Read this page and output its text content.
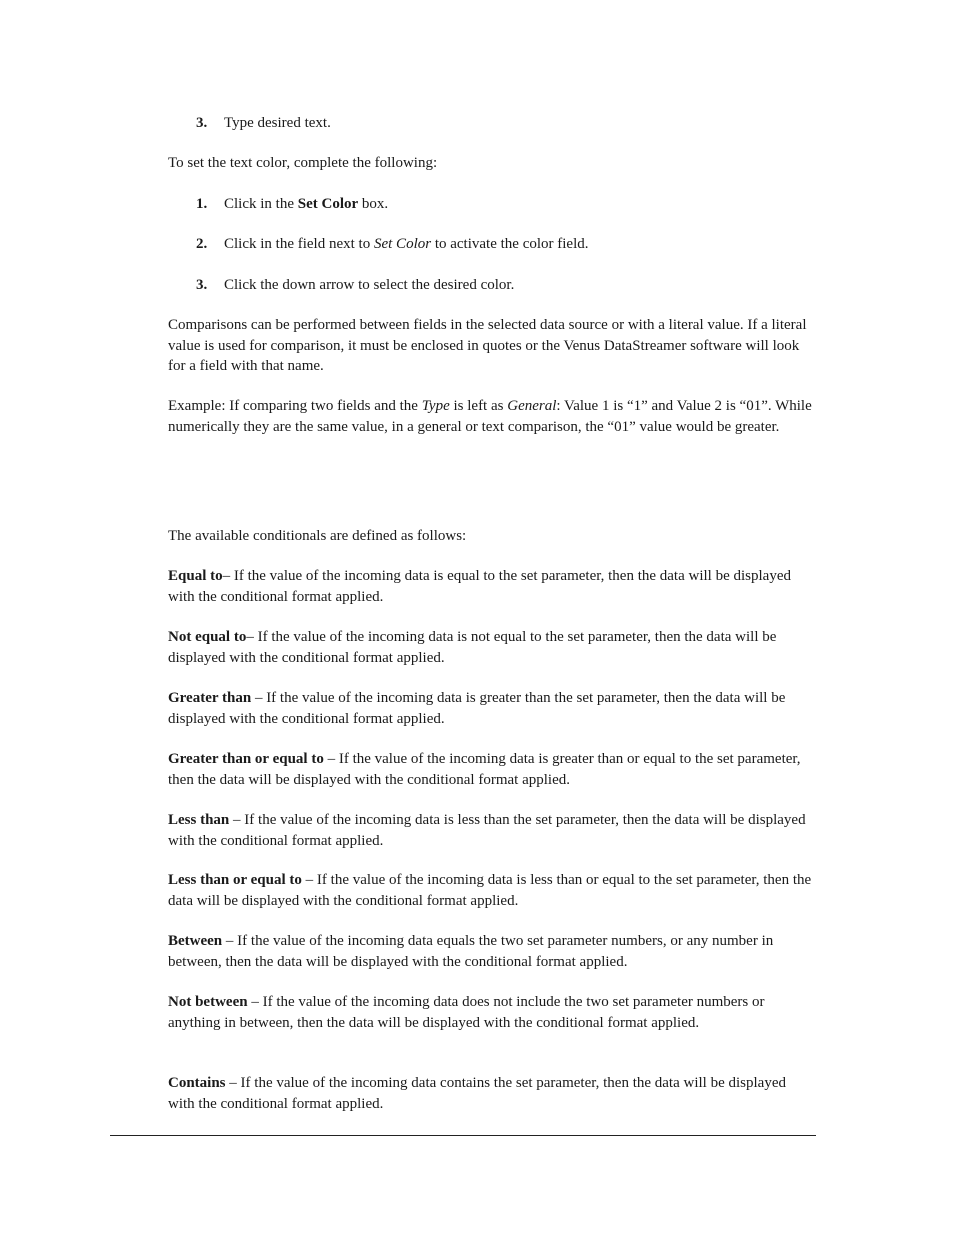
3. Type desired text.
To set the text color, complete the following:
1. Click in the Set Color box.
2. Click in the field next to Set Color to activate the color field.
3. Click the down arrow to select the desired color.
Comparisons can be performed between fields in the selected data source or with a literal value. If a literal value is used for comparison, it must be enclosed in quotes or the Venus DataStreamer software will look for a field with that name.
Example: If comparing two fields and the Type is left as General: Value 1 is “1” and Value 2 is “01”. While numerically they are the same value, in a general or text comparison, the “01” value would be greater.
The available conditionals are defined as follows:
Equal to– If the value of the incoming data is equal to the set parameter, then the data will be displayed with the conditional format applied.
Not equal to– If the value of the incoming data is not equal to the set parameter, then the data will be displayed with the conditional format applied.
Greater than – If the value of the incoming data is greater than the set parameter, then the data will be displayed with the conditional format applied.
Greater than or equal to – If the value of the incoming data is greater than or equal to the set parameter, then the data will be displayed with the conditional format applied.
Less than – If the value of the incoming data is less than the set parameter, then the data will be displayed with the conditional format applied.
Less than or equal to – If the value of the incoming data is less than or equal to the set parameter, then the data will be displayed with the conditional format applied.
Between – If the value of the incoming data equals the two set parameter numbers, or any number in between, then the data will be displayed with the conditional format applied.
Not between – If the value of the incoming data does not include the two set parameter numbers or anything in between, then the data will be displayed with the conditional format applied.
Contains – If the value of the incoming data contains the set parameter, then the data will be displayed with the conditional format applied.
